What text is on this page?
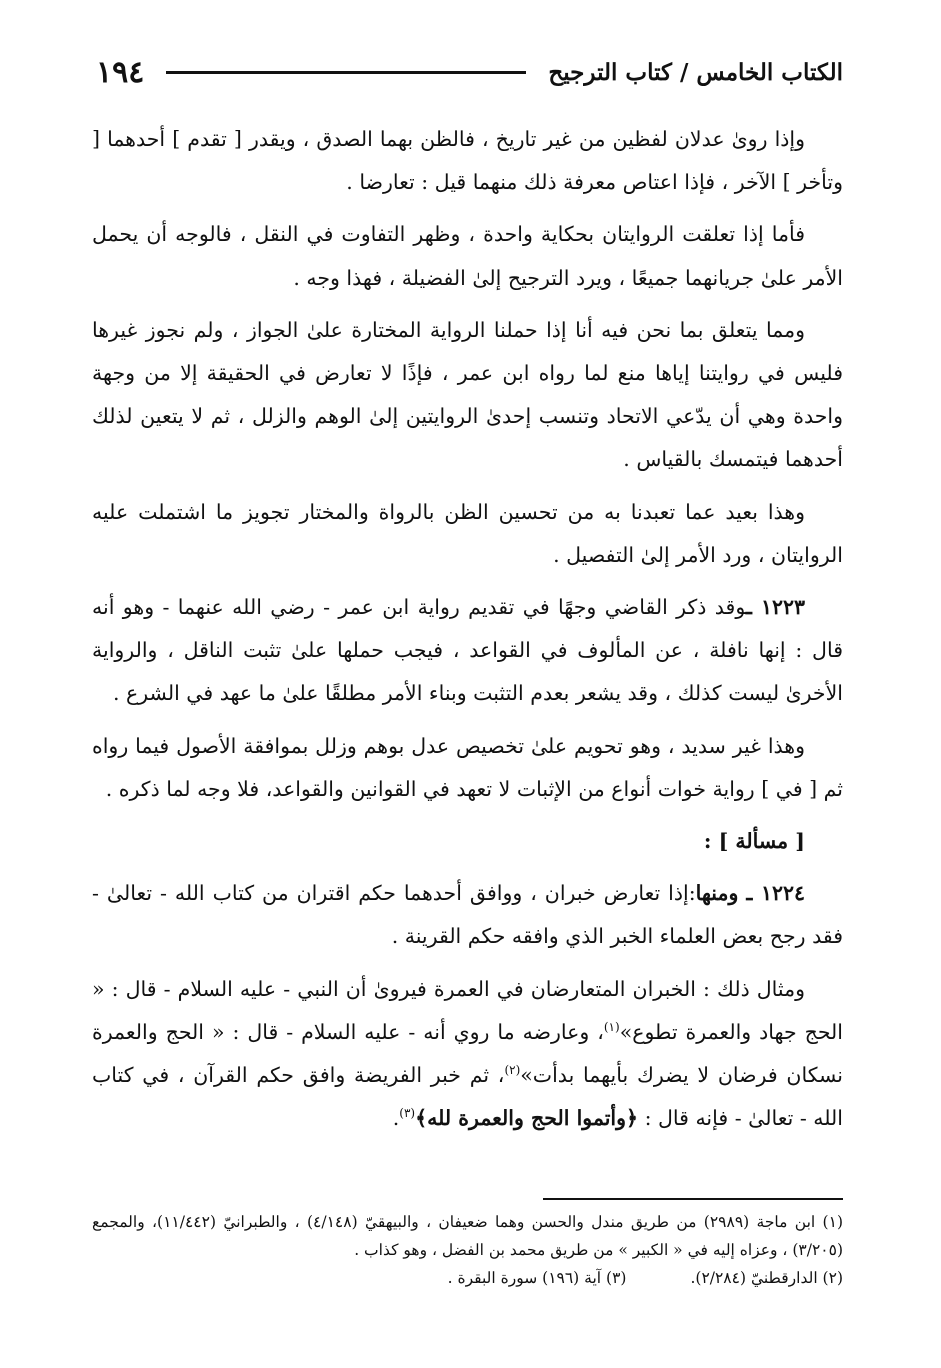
١٩٤	الكتاب الخامس / كتاب الترجيح

وإذا رویٰ عدلان لفظين من غير تاريخ ، فالظن بهما الصدق ، ويقدر [ تقدم ] أحدهما [ وتأخر ] الآخر ، فإذا اعتاص معرفة ذلك منهما قيل : تعارضا .

فأما إذا تعلقت الروايتان بحكاية واحدة ، وظهر التفاوت في النقل ، فالوجه أن يحمل الأمر علىٰ جريانهما جميعًا ، ويرد الترجيح إلىٰ الفضيلة ، فهذا وجه .

ومما يتعلق بما نحن فيه أنا إذا حملنا الرواية المختارة علىٰ الجواز ، ولم نجوز غيرها فليس في روايتنا إياها منع لما رواه ابن عمر ، فإذًا لا تعارض في الحقيقة إلا من وجهة واحدة وهي أن يدّعي الاتحاد وتنسب إحدىٰ الروايتين إلىٰ الوهم والزلل ، ثم لا يتعين لذلك أحدهما فيتمسك بالقياس .

وهذا بعيد عما تعبدنا به من تحسين الظن بالرواة والمختار تجويز ما اشتملت عليه الروايتان ، ورد الأمر إلىٰ التفصيل .

١٢٢٣ ـوقد ذكر القاضي وجهًا في تقديم رواية ابن عمر - رضي الله عنهما - وهو أنه قال : إنها نافلة ، عن المألوف في القواعد ، فيجب حملها علىٰ تثبت الناقل ، والرواية الأخرىٰ ليست كذلك ، وقد يشعر بعدم التثبت وبناء الأمر مطلقًا علىٰ ما عهد في الشرع .

وهذا غير سديد ، وهو تحويم علىٰ تخصيص عدل بوهم وزلل بموافقة الأصول فيما رواه ثم [ في ] رواية خوات أنواع من الإثبات لا تعهد في القوانين والقواعد، فلا وجه لما ذكره .

[ مسألة ] :

١٢٢٤ ـ ومنها:إذا تعارض خبران ، ووافق أحدهما حكم اقتران من كتاب الله - تعالىٰ - فقد رجح بعض العلماء الخبر الذي وافقه حكم القرينة .

ومثال ذلك : الخبران المتعارضان في العمرة فيرویٰ أن النبي - عليه السلام - قال : « الحج جهاد والعمرة تطوع»$^{(١)}$، وعارضه ما روي أنه - عليه السلام - قال : « الحج والعمرة نسكان فرضان لا يضرك بأيهما بدأت»$^{(٢)}$، ثم خبر الفريضة وافق حكم القرآن ، في كتاب الله - تعالىٰ - فإنه قال : ﴿وأتموا الحج والعمرة لله﴾$^{(٣)}$.

(١) ابن ماجة (٢٩٨٩) من طريق مندل والحسن وهما ضعيفان ، والبيهقيّ (٤/١٤٨) ، والطبرانيّ (١١/٤٤٢)، والمجمع (٣/٢٠٥) ، وعزاه إليه في « الكبير » من طريق محمد بن الفضل ، وهو كذاب .

(٢) الدارقطنيّ (٢/٢٨٤).
(٣) آية (١٩٦) سورة البقرة .
